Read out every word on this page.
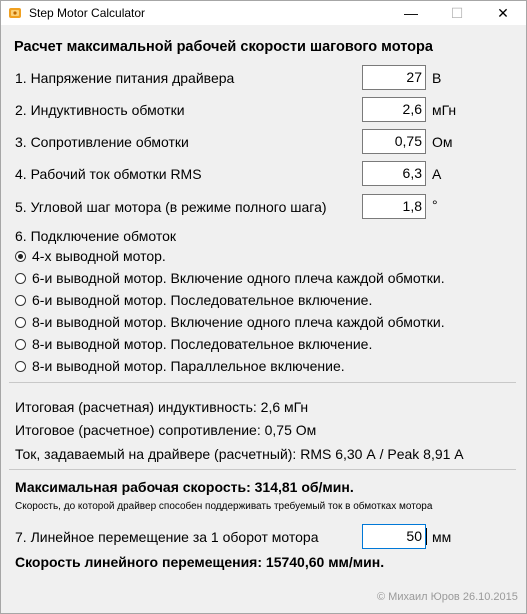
Step Motor Calculator	—	☐	✕
Расчет максимальной рабочей скорости шагового мотора
1. Напряжение питания драйвера	27 В
2. Индуктивность обмотки	2,6 мГн
3. Сопротивление обмотки	0,75 Ом
4. Рабочий ток обмотки RMS	6,3 А
5. Угловой шаг мотора (в режиме полного шага)	1,8 °
6. Подключение обмоток
4-х выводной мотор.
6-и выводной мотор. Включение одного плеча каждой обмотки.
6-и выводной мотор. Последовательное включение.
8-и выводной мотор. Включение одного плеча каждой обмотки.
8-и выводной мотор. Последовательное включение.
8-и выводной мотор. Параллельное включение.
Итоговая (расчетная) индуктивность: 2,6 мГн
Итоговое (расчетное) сопротивление: 0,75 Ом
Ток, задаваемый на драйвере (расчетный): RMS 6,30 А / Peak 8,91 А
Максимальная рабочая скорость: 314,81 об/мин.
Скорость, до которой драйвер способен поддерживать требуемый ток в обмотках мотора
7. Линейное перемещение за 1 оборот мотора	50 мм
Скорость линейного перемещения: 15740,60 мм/мин.
© Михаил Юров 26.10.2015
